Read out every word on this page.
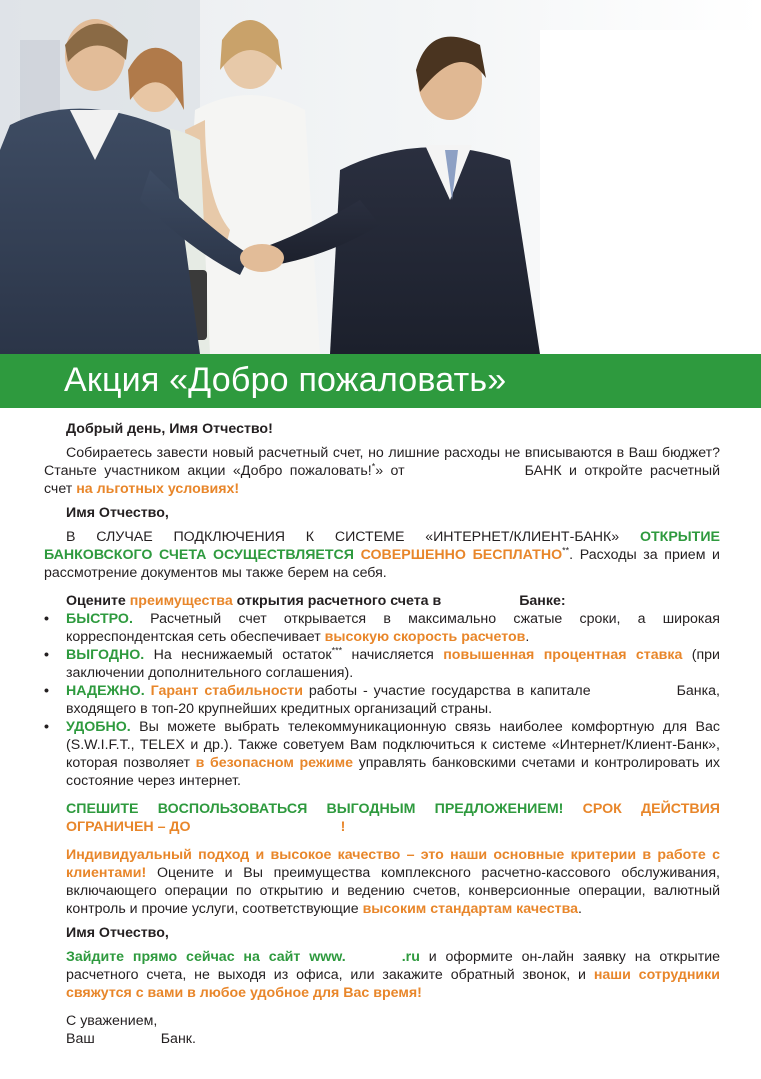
Акция «Добро пожаловать»

Добрый день, Имя Отчество!

Собираетесь завести новый расчетный счет, но лишние расходы не вписываются в Ваш бюджет? Станьте участником акции «Добро пожаловать!*» от	БАНК и откройте расчетный счет на льготных условиях!

Имя Отчество,

В СЛУЧАЕ ПОДКЛЮЧЕНИЯ К СИСТЕМЕ «ИНТЕРНЕТ/КЛИЕНТ-БАНК» ОТКРЫТИЕ БАНКОВСКОГО СЧЕТА ОСУЩЕСТВЛЯЕТСЯ СОВЕРШЕННО БЕСПЛАТНО**. Расходы за прием и рассмотрение документов мы также берем на себя.

Оцените преимущества открытия расчетного счета в	Банке:

• БЫСТРО. Расчетный счет открывается в максимально сжатые сроки, а широкая корреспондентская сеть обеспечивает высокую скорость расчетов.
• ВЫГОДНО. На неснижаемый остаток*** начисляется повышенная процентная ставка (при заключении дополнительного соглашения).
• НАДЕЖНО. Гарант стабильности работы - участие государства в капитале	Банка, входящего в топ-20 крупнейших кредитных организаций страны.
• УДОБНО. Вы можете выбрать телекоммуникационную связь наиболее комфортную для Вас (S.W.I.F.T., TELEX и др.). Также советуем Вам подключиться к системе «Интернет/Клиент-Банк», которая позволяет в безопасном режиме управлять банковскими счетами и контролировать их состояние через интернет.

СПЕШИТЕ ВОСПОЛЬЗОВАТЬСЯ ВЫГОДНЫМ ПРЕДЛОЖЕНИЕМ! СРОК ДЕЙСТВИЯ ОГРАНИЧЕН – ДО	!

Индивидуальный подход и высокое качество – это наши основные критерии в работе с клиентами! Оцените и Вы преимущества комплексного расчетно-кассового обслуживания, включающего операции по открытию и ведению счетов, конверсионные операции, валютный контроль и прочие услуги, соответствующие высоким стандартам качества.

Имя Отчество,

Зайдите прямо сейчас на сайт www.	.ru и оформите он-лайн заявку на открытие расчетного счета, не выходя из офиса, или закажите обратный звонок, и наши сотрудники свяжутся с вами в любое удобное для Вас время!

С уважением,

Ваш	Банк.
